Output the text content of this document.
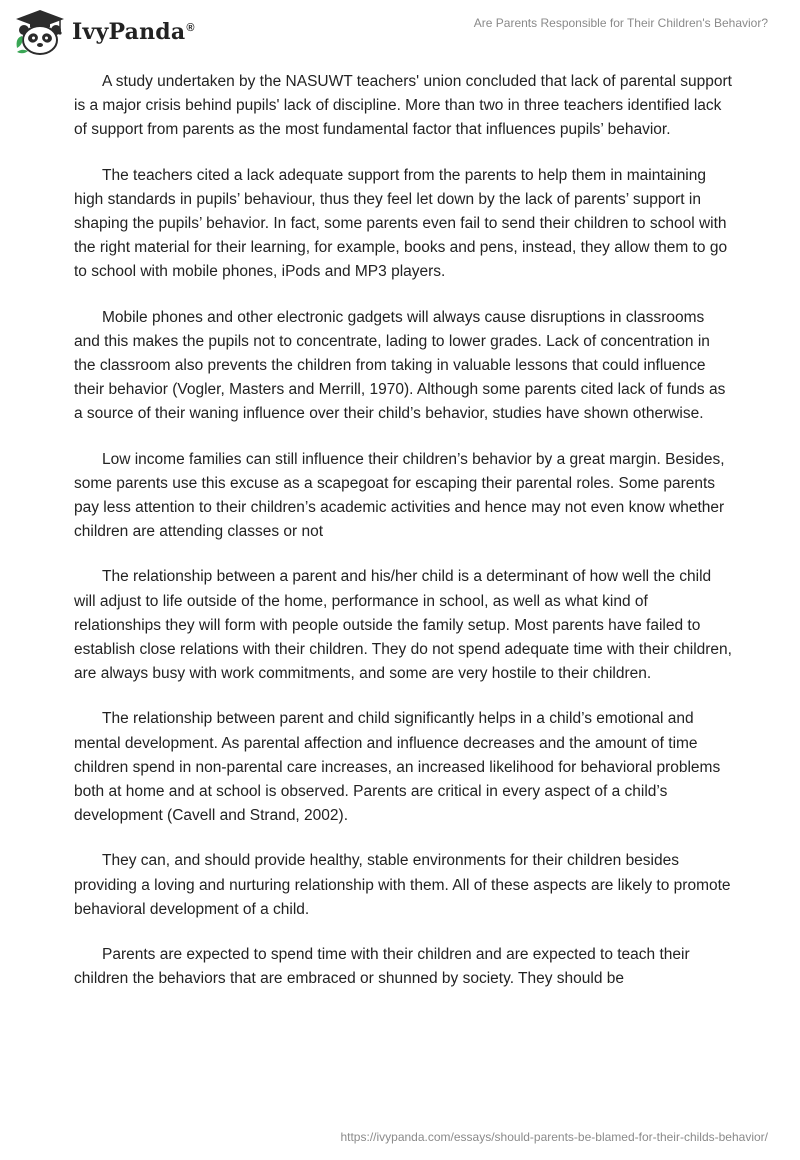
IvyPanda®	Are Parents Responsible for Their Children's Behavior?

A study undertaken by the NASUWT teachers' union concluded that lack of parental support is a major crisis behind pupils' lack of discipline. More than two in three teachers identified lack of support from parents as the most fundamental factor that influences pupils’ behavior.

The teachers cited a lack adequate support from the parents to help them in maintaining high standards in pupils’ behaviour, thus they feel let down by the lack of parents’ support in shaping the pupils’ behavior. In fact, some parents even fail to send their children to school with the right material for their learning, for example, books and pens, instead, they allow them to go to school with mobile phones, iPods and MP3 players.

Mobile phones and other electronic gadgets will always cause disruptions in classrooms and this makes the pupils not to concentrate, lading to lower grades. Lack of concentration in the classroom also prevents the children from taking in valuable lessons that could influence their behavior (Vogler, Masters and Merrill, 1970). Although some parents cited lack of funds as a source of their waning influence over their child’s behavior, studies have shown otherwise.

Low income families can still influence their children’s behavior by a great margin. Besides, some parents use this excuse as a scapegoat for escaping their parental roles. Some parents pay less attention to their children’s academic activities and hence may not even know whether children are attending classes or not

The relationship between a parent and his/her child is a determinant of how well the child will adjust to life outside of the home, performance in school, as well as what kind of relationships they will form with people outside the family setup. Most parents have failed to establish close relations with their children. They do not spend adequate time with their children, are always busy with work commitments, and some are very hostile to their children.

The relationship between parent and child significantly helps in a child’s emotional and mental development. As parental affection and influence decreases and the amount of time children spend in non-parental care increases, an increased likelihood for behavioral problems both at home and at school is observed. Parents are critical in every aspect of a child’s development (Cavell and Strand, 2002).

They can, and should provide healthy, stable environments for their children besides providing a loving and nurturing relationship with them. All of these aspects are likely to promote behavioral development of a child.

Parents are expected to spend time with their children and are expected to teach their children the behaviors that are embraced or shunned by society. They should be

https://ivypanda.com/essays/should-parents-be-blamed-for-their-childs-behavior/
